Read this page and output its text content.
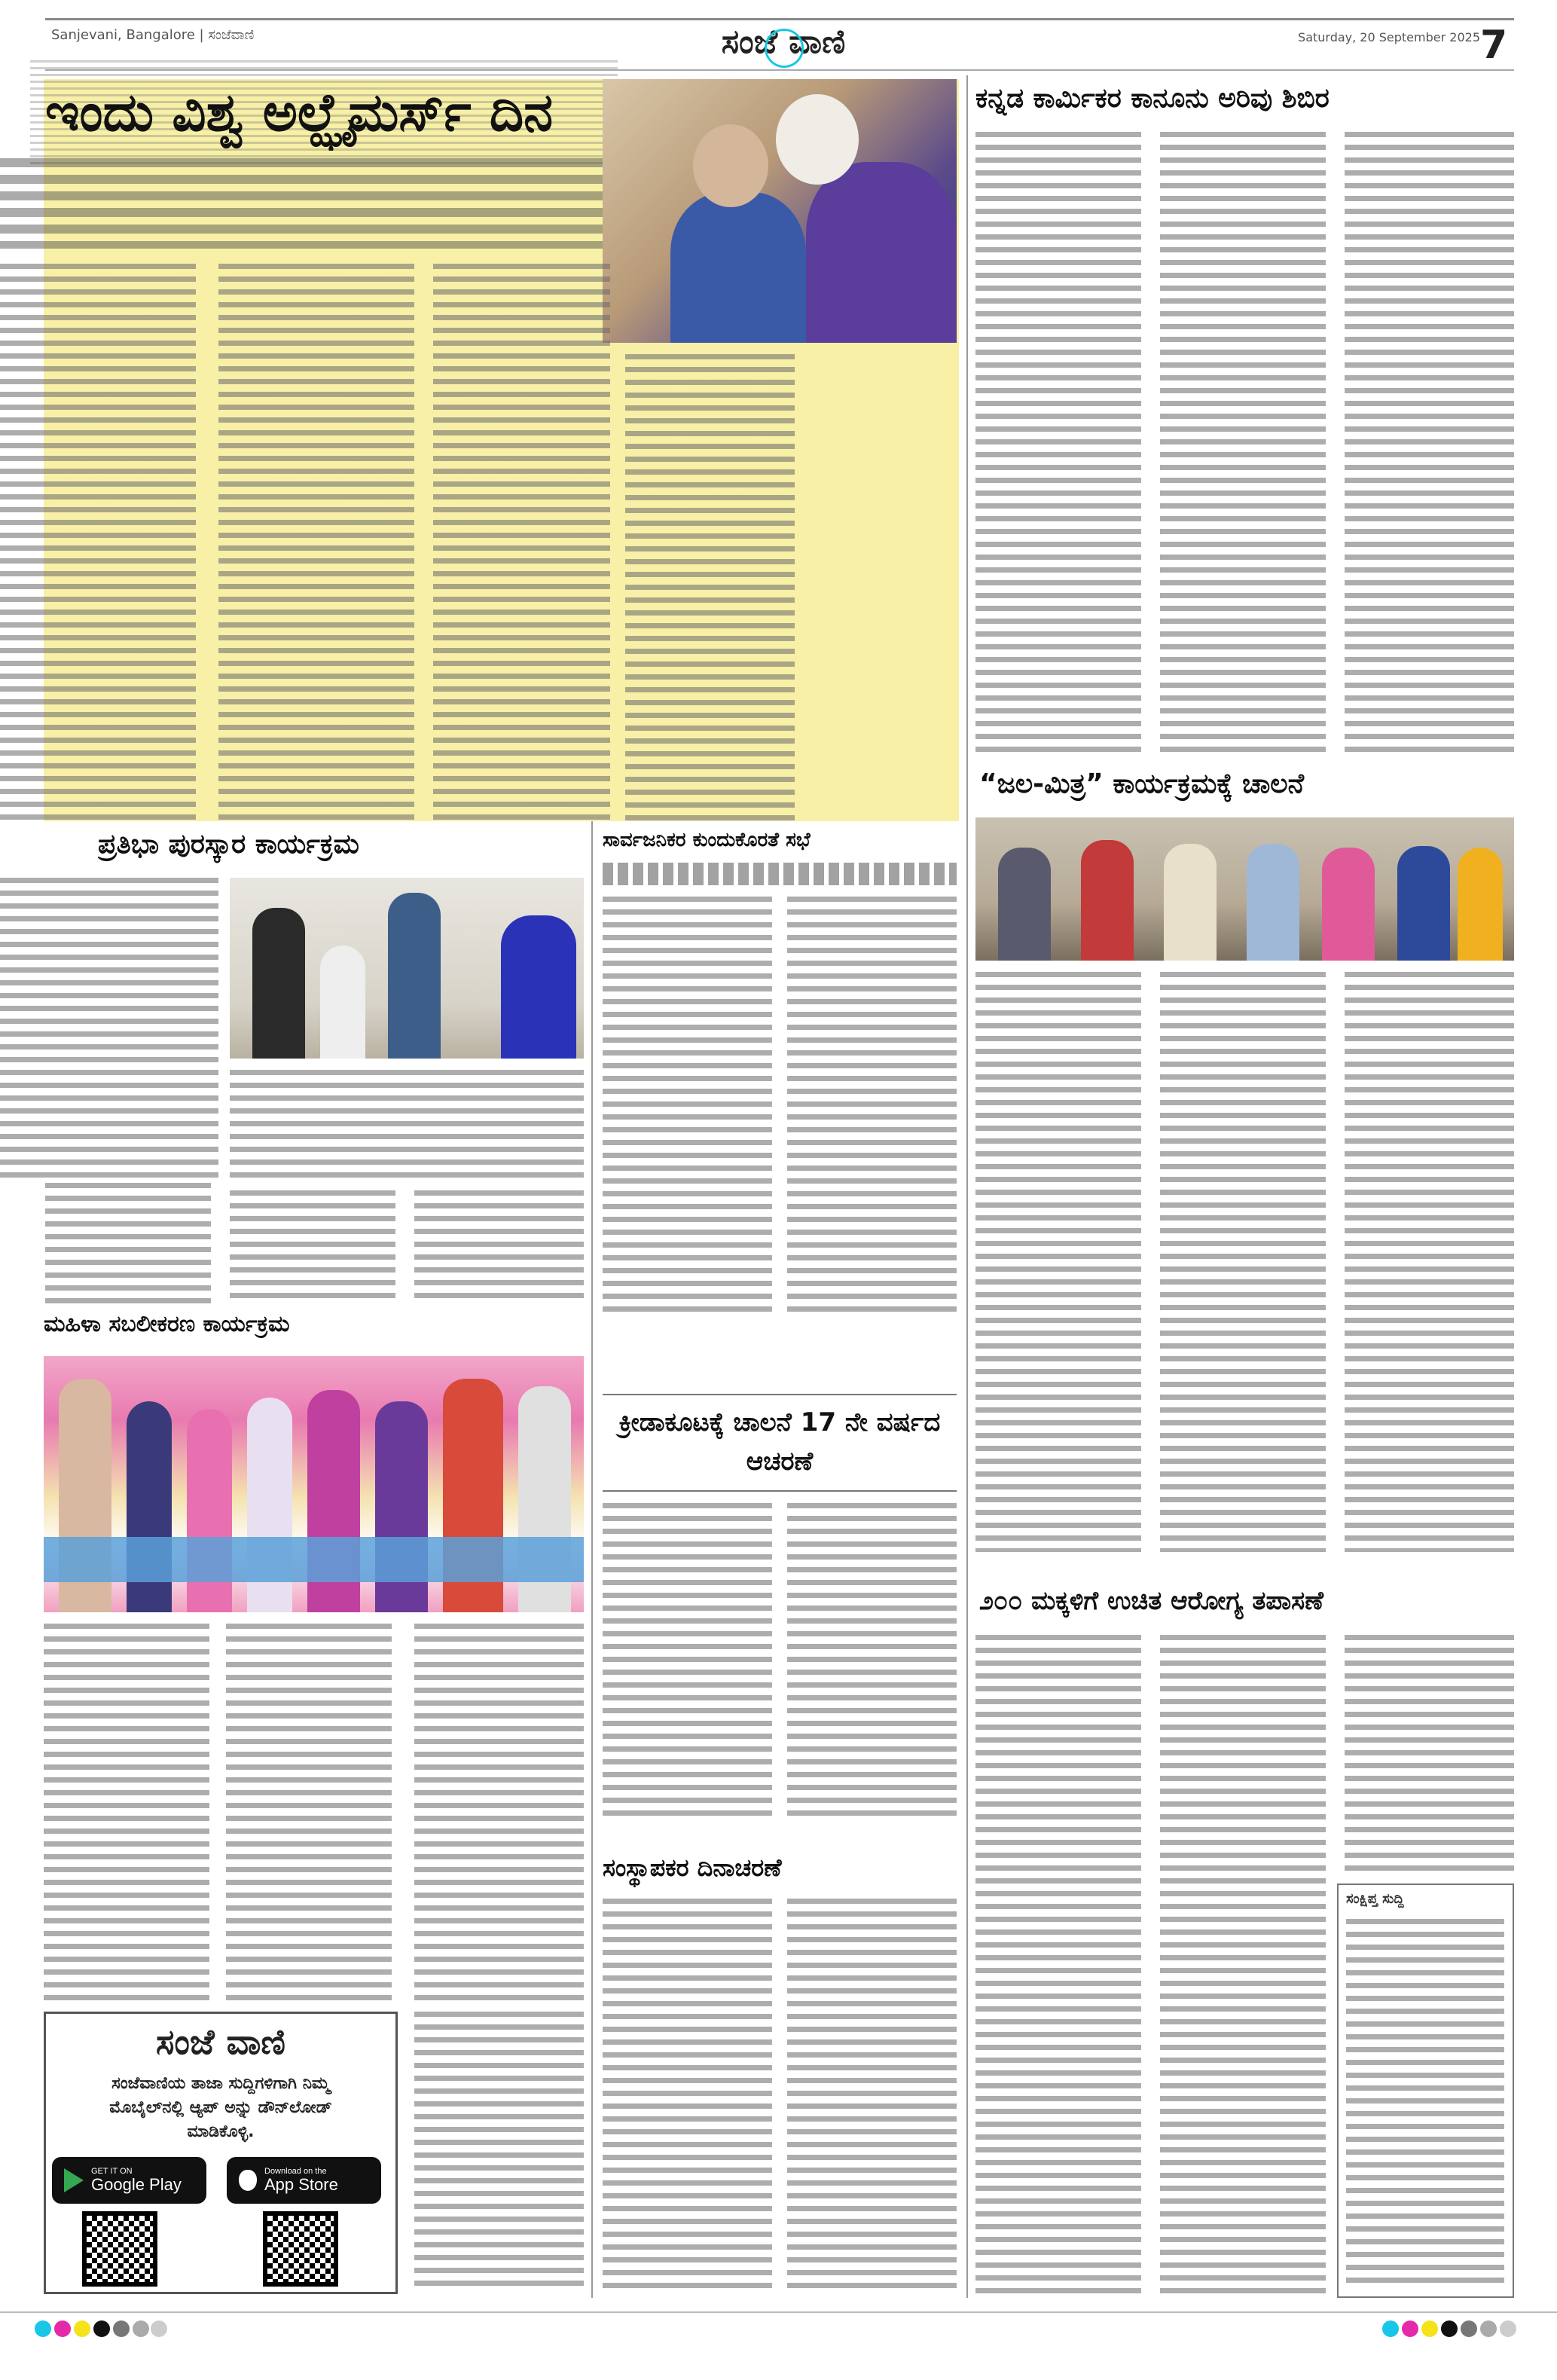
Sanjevani, Bangalore | ಸಂಜೆವಾಣಿ	ಸಂಜೆ ವಾಣಿ	Saturday, 20 September 2025 7
ಇಂದು ವಿಶ್ವ ಅಲ್ಝೈಮರ್ಸ್ ದಿನ	ಕನ್ನಡ ಕಾರ್ಮಿಕರ ಕಾನೂನು ಅರಿವು ಶಿಬಿರ
“ಜಲ-ಮಿತ್ರ” ಕಾರ್ಯಕ್ರಮಕ್ಕೆ ಚಾಲನೆ
೨೦೦ ಮಕ್ಕಳಿಗೆ ಉಚಿತ ಆರೋಗ್ಯ ತಪಾಸಣೆ
ಸಂಕ್ಷಿಪ್ತ ಸುದ್ದಿ
ಪ್ರತಿಭಾ ಪುರಸ್ಕಾರ ಕಾರ್ಯಕ್ರಮ	ಸಾರ್ವಜನಿಕರ ಕುಂದುಕೊರತೆ ಸಭೆ
ಮಹಿಳಾ ಸಬಲೀಕರಣ ಕಾರ್ಯಕ್ರಮ
ಕ್ರೀಡಾಕೂಟಕ್ಕೆ ಚಾಲನೆ 17 ನೇ ವರ್ಷದ ಆಚರಣೆ
ಸಂಸ್ಥಾಪಕರ ದಿನಾಚರಣೆ
ಸಂಜೆ ವಾಣಿ
ಸಂಜೆವಾಣಿಯ ತಾಜಾ ಸುದ್ದಿಗಳಿಗಾಗಿ ನಿಮ್ಮ
ಮೊಬೈಲ್‌ನಲ್ಲಿ ಆ್ಯಪ್ ಅನ್ನು ಡೌನ್‌ಲೋಡ್
ಮಾಡಿಕೊಳ್ಳಿ.
GET IT ON
Google Play
Download on the
App Store
